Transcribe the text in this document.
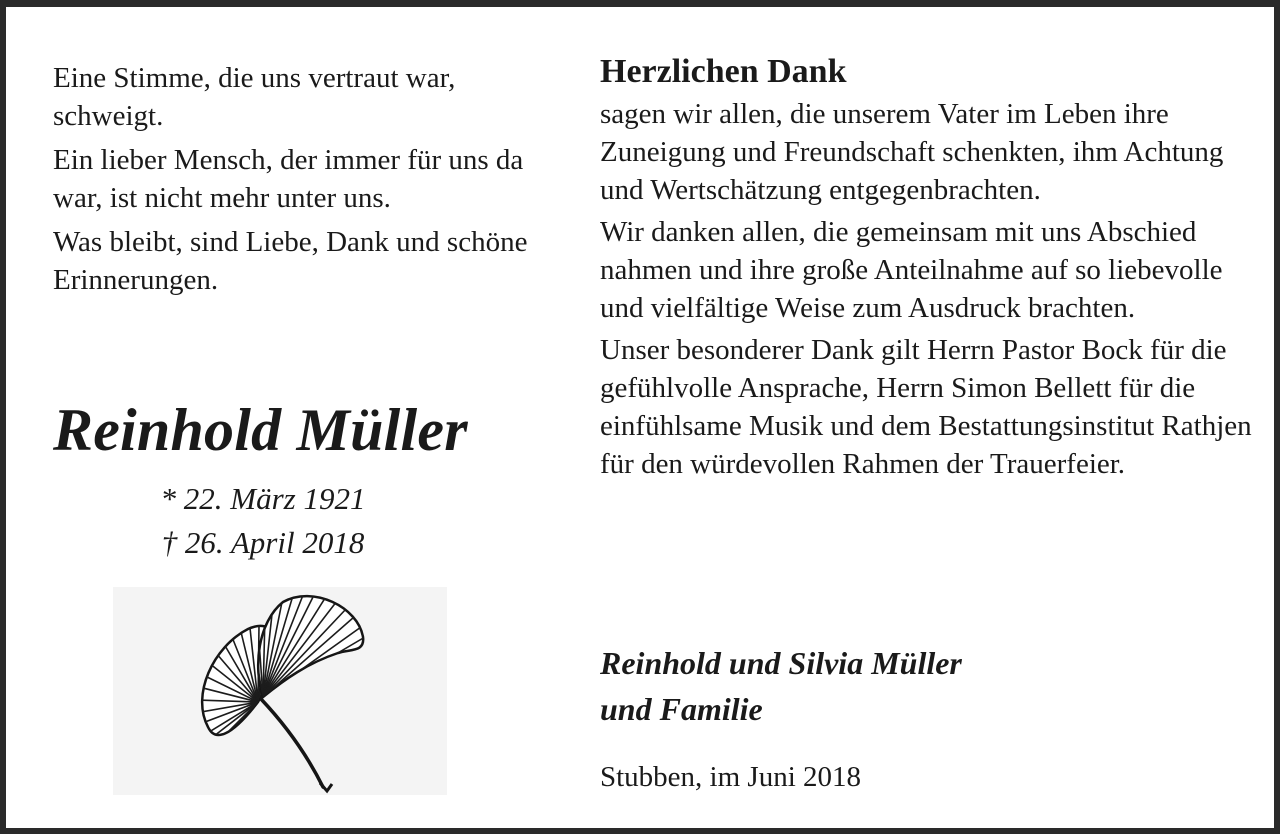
Eine Stimme, die uns vertraut war, schweigt.

Ein lieber Mensch, der immer für uns da war, ist nicht mehr unter uns.

Was bleibt, sind Liebe, Dank und schöne Erinnerungen.

Reinhold Müller
* 22. März 1921
† 26. April 2018
Herzlichen Dank

sagen wir allen, die unserem Vater im Leben ihre Zuneigung und Freundschaft schenkten, ihm Achtung und Wertschätzung entgegenbrachten.

Wir danken allen, die gemeinsam mit uns Abschied nahmen und ihre große Anteilnahme auf so liebevolle und vielfältige Weise zum Ausdruck brachten.

Unser besonderer Dank gilt Herrn Pastor Bock für die gefühlvolle Ansprache, Herrn Simon Bellett für die einfühlsame Musik und dem Bestattungsinstitut Rathjen für den würdevollen Rahmen der Trauerfeier.

Reinhold und Silvia Müller
und Familie
Stubben, im Juni 2018
